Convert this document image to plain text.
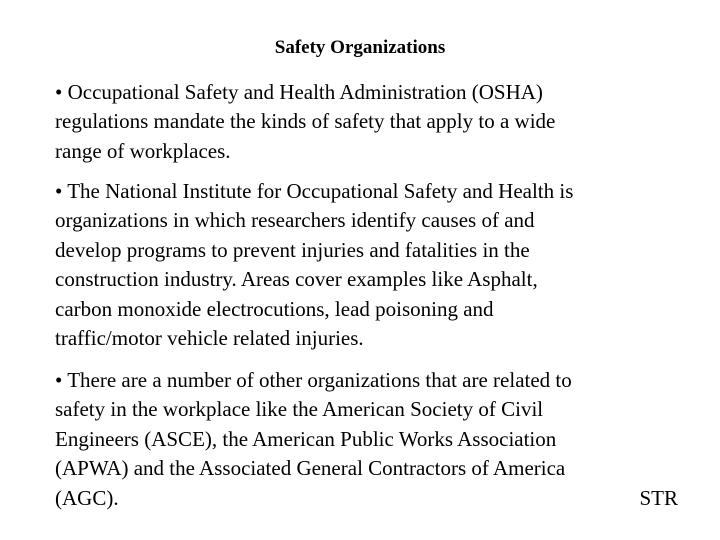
Safety Organizations
• Occupational Safety and Health Administration (OSHA)
regulations mandate the kinds of safety that apply to a wide
range of workplaces.
• The National Institute for Occupational Safety and Health is
organizations in which researchers identify causes of and
develop programs to prevent injuries and fatalities in the
construction industry. Areas cover examples like Asphalt,
carbon monoxide electrocutions, lead poisoning and
traffic/motor vehicle related injuries.
• There are a number of other organizations that are related to
safety in the workplace like the American Society of Civil
Engineers (ASCE), the American Public Works Association
(APWA) and the Associated General Contractors of America
(AGC).	STR
